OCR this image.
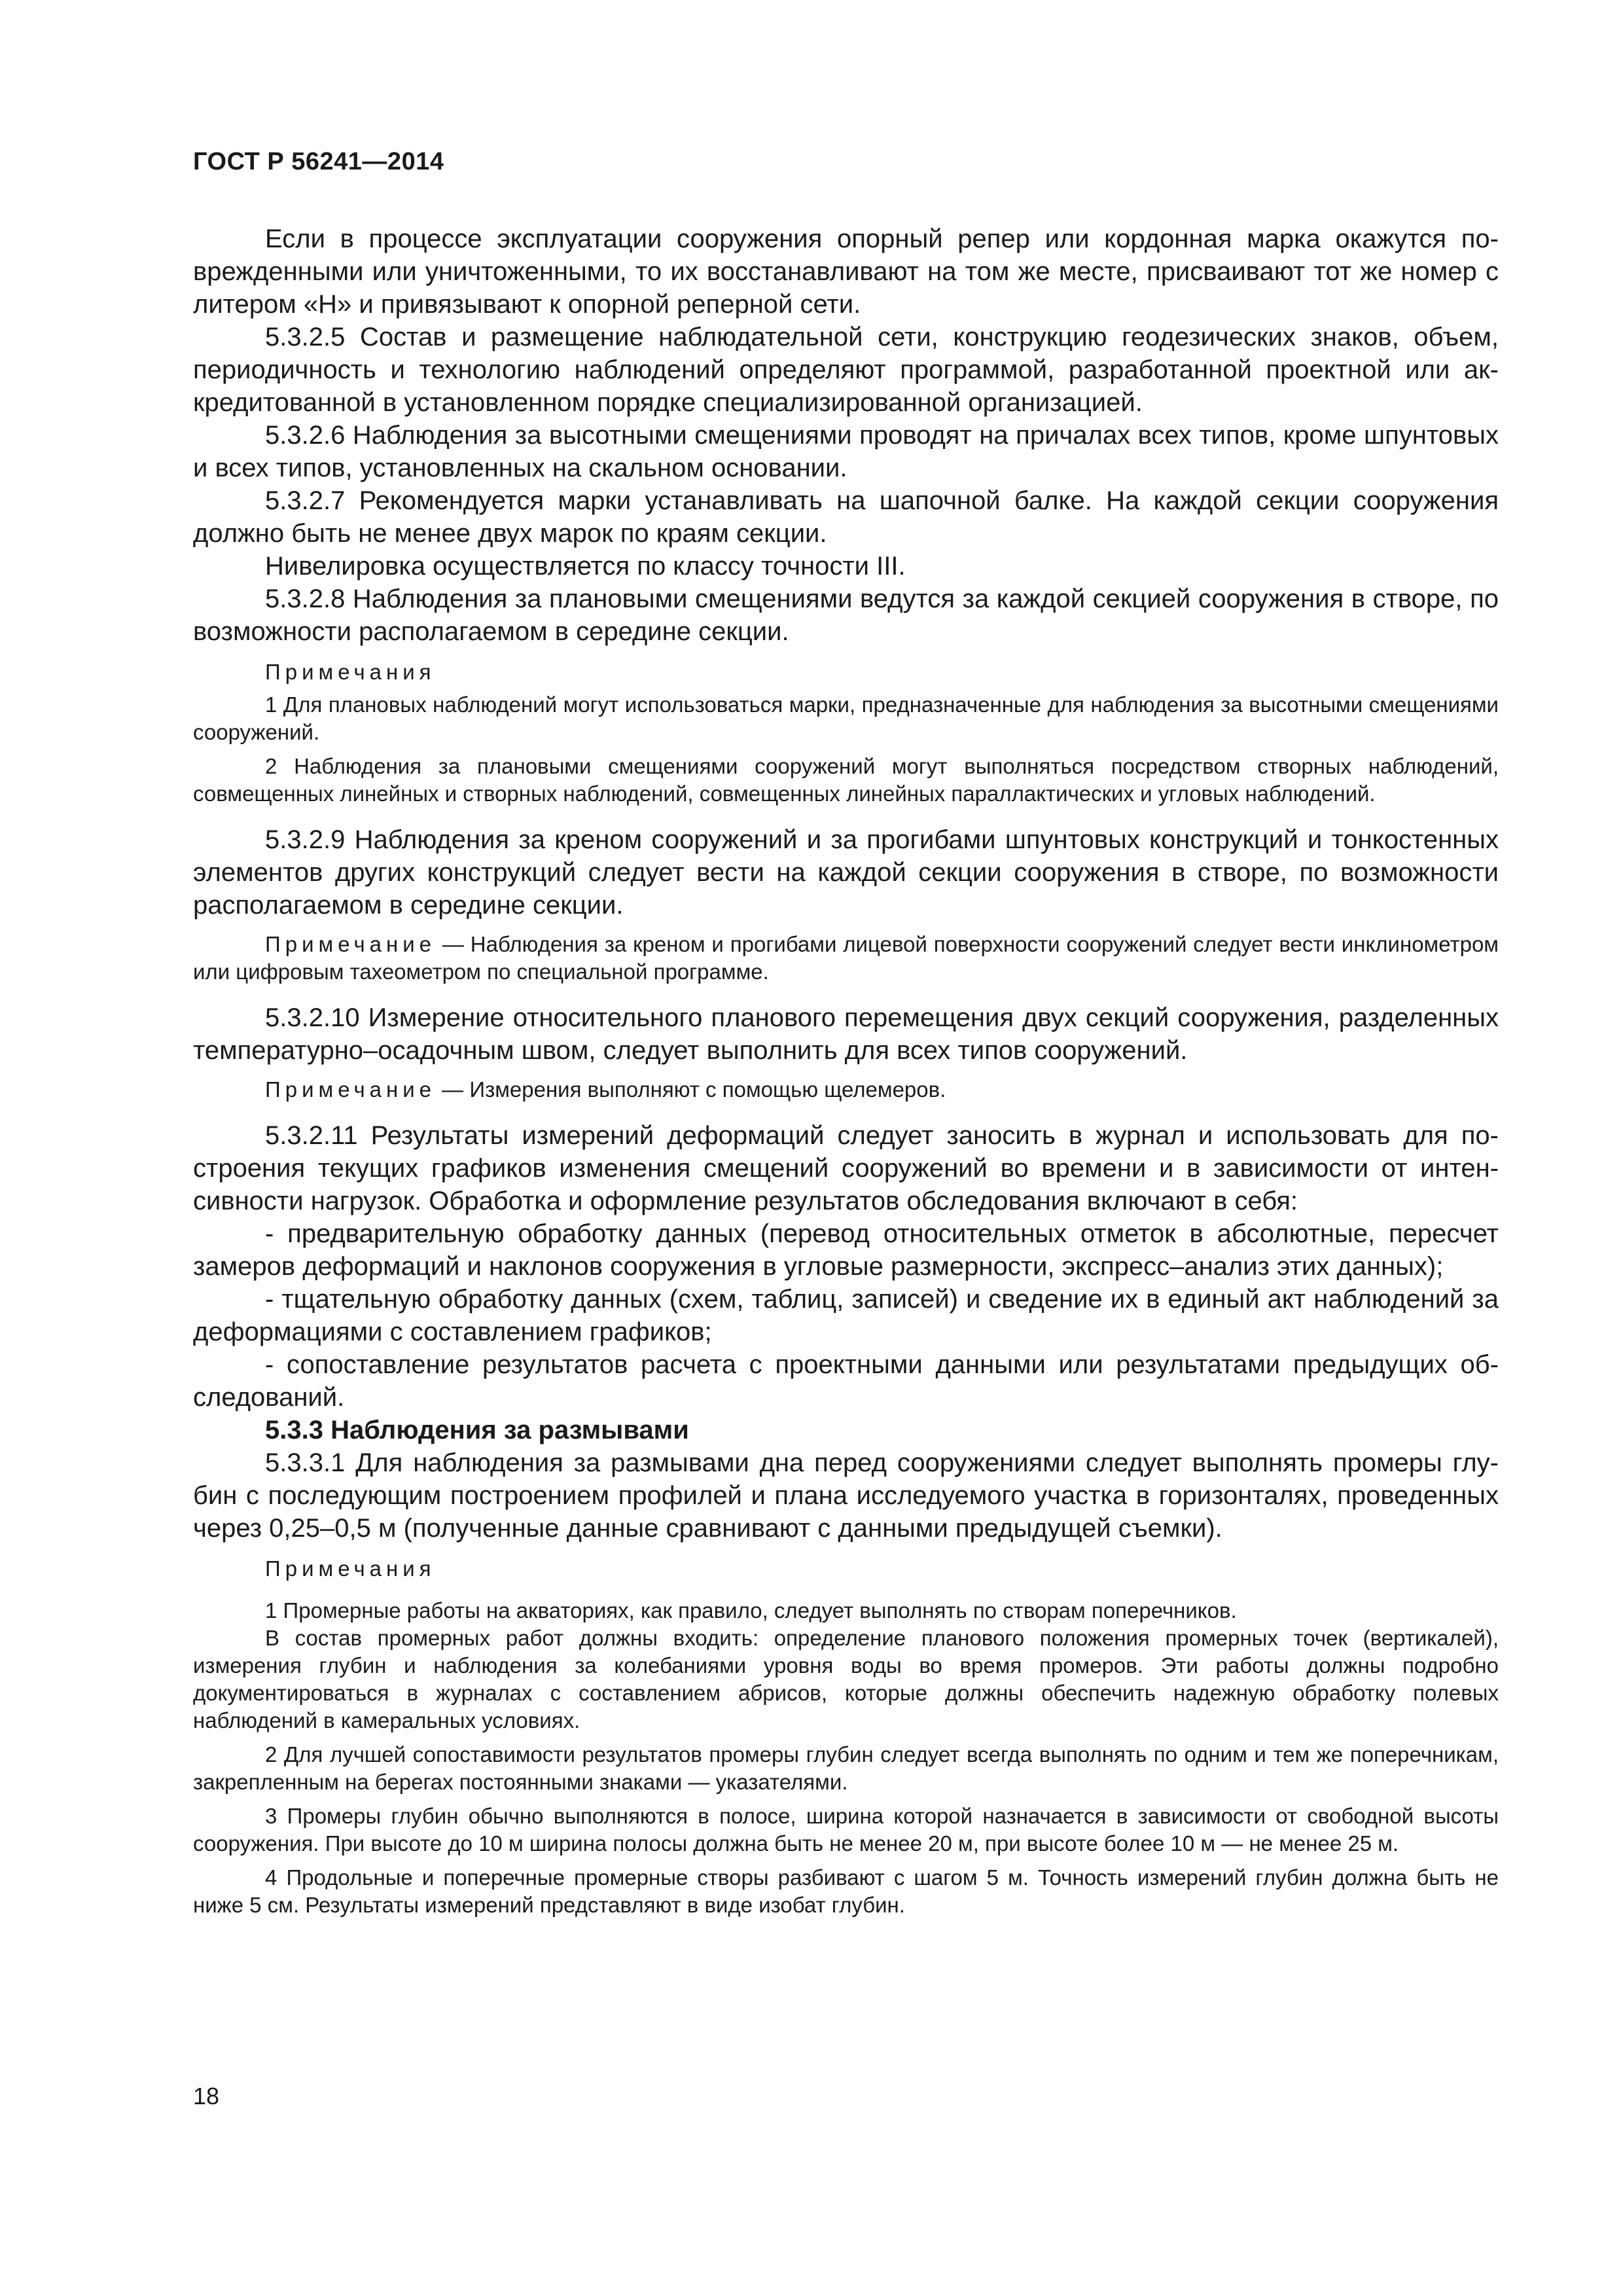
ГОСТ Р 56241—2014

Если в процессе эксплуатации сооружения опорный репер или кордонная марка окажутся поврежденными или уничтоженными, то их восстанавливают на том же месте, присваивают тот же номер с литером «Н» и привязывают к опорной реперной сети.

5.3.2.5 Состав и размещение наблюдательной сети, конструкцию геодезических знаков, объем, периодичность и технологию наблюдений определяют программой, разработанной проектной или аккредитованной в установленном порядке специализированной организацией.

5.3.2.6 Наблюдения за высотными смещениями проводят на причалах всех типов, кроме шпунтовых и всех типов, установленных на скальном основании.

5.3.2.7 Рекомендуется марки устанавливать на шапочной балке. На каждой секции сооружения должно быть не менее двух марок по краям секции.

Нивелировка осуществляется по классу точности III.

5.3.2.8 Наблюдения за плановыми смещениями ведутся за каждой секцией сооружения в створе, по возможности располагаемом в середине секции.

Примечания

1 Для плановых наблюдений могут использоваться марки, предназначенные для наблюдения за высотными смещениями сооружений.

2 Наблюдения за плановыми смещениями сооружений могут выполняться посредством створных наблюдений, совмещенных линейных и створных наблюдений, совмещенных линейных параллактических и угловых наблюдений.

5.3.2.9 Наблюдения за креном сооружений и за прогибами шпунтовых конструкций и тонкостенных элементов других конструкций следует вести на каждой секции сооружения в створе, по возможности располагаемом в середине секции.

Примечание — Наблюдения за креном и прогибами лицевой поверхности сооружений следует вести инклинометром или цифровым тахеометром по специальной программе.

5.3.2.10 Измерение относительного планового перемещения двух секций сооружения, разделенных температурно–осадочным швом, следует выполнить для всех типов сооружений.

Примечание — Измерения выполняют с помощью щелемеров.

5.3.2.11 Результаты измерений деформаций следует заносить в журнал и использовать для построения текущих графиков изменения смещений сооружений во времени и в зависимости от интенсивности нагрузок. Обработка и оформление результатов обследования включают в себя:

- предварительную обработку данных (перевод относительных отметок в абсолютные, пересчет замеров деформаций и наклонов сооружения в угловые размерности, экспресс–анализ этих данных);

- тщательную обработку данных (схем, таблиц, записей) и сведение их в единый акт наблюдений за деформациями с составлением графиков;

- сопоставление результатов расчета с проектными данными или результатами предыдущих обследований.

5.3.3 Наблюдения за размывами

5.3.3.1 Для наблюдения за размывами дна перед сооружениями следует выполнять промеры глубин с последующим построением профилей и плана исследуемого участка в горизонталях, проведенных через 0,25–0,5 м (полученные данные сравнивают с данными предыдущей съемки).

Примечания

1 Промерные работы на акваториях, как правило, следует выполнять по створам поперечников.

В состав промерных работ должны входить: определение планового положения промерных точек (вертикалей), измерения глубин и наблюдения за колебаниями уровня воды во время промеров. Эти работы должны подробно документироваться в журналах с составлением абрисов, которые должны обеспечить надежную обработку полевых наблюдений в камеральных условиях.

2 Для лучшей сопоставимости результатов промеры глубин следует всегда выполнять по одним и тем же поперечникам, закрепленным на берегах постоянными знаками — указателями.

3 Промеры глубин обычно выполняются в полосе, ширина которой назначается в зависимости от свободной высоты сооружения. При высоте до 10 м ширина полосы должна быть не менее 20 м, при высоте более 10 м — не менее 25 м.

4 Продольные и поперечные промерные створы разбивают с шагом 5 м. Точность измерений глубин должна быть не ниже 5 см. Результаты измерений представляют в виде изобат глубин.

18
